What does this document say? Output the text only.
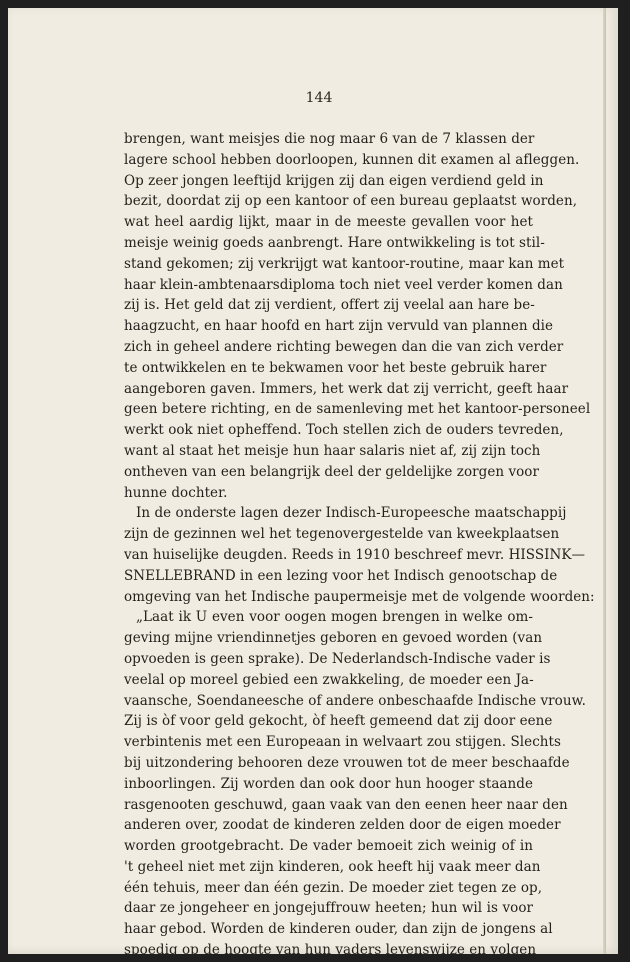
144

brengen, want meisjes die nog maar 6 van de 7 klassen der
lagere school hebben doorloopen, kunnen dit examen al afleggen.
Op zeer jongen leeftijd krijgen zij dan eigen verdiend geld in
bezit, doordat zij op een kantoor of een bureau geplaatst worden,
wat heel aardig lijkt, maar in de meeste gevallen voor het
meisje weinig goeds aanbrengt. Hare ontwikkeling is tot stil-
stand gekomen; zij verkrijgt wat kantoor-routine, maar kan met
haar klein-ambtenaarsdiploma toch niet veel verder komen dan
zij is. Het geld dat zij verdient, offert zij veelal aan hare be-
haagzucht, en haar hoofd en hart zijn vervuld van plannen die
zich in geheel andere richting bewegen dan die van zich verder
te ontwikkelen en te bekwamen voor het beste gebruik harer
aangeboren gaven. Immers, het werk dat zij verricht, geeft haar
geen betere richting, en de samenleving met het kantoor-personeel
werkt ook niet opheffend. Toch stellen zich de ouders tevreden,
want al staat het meisje hun haar salaris niet af, zij zijn toch
ontheven van een belangrijk deel der geldelijke zorgen voor
hunne dochter.
In de onderste lagen dezer Indisch-Europeesche maatschappij
zijn de gezinnen wel het tegenovergestelde van kweekplaatsen
van huiselijke deugden. Reeds in 1910 beschreef mevr. HISSINK—
SNELLEBRAND in een lezing voor het Indisch genootschap de
omgeving van het Indische paupermeisje met de volgende woorden:
„Laat ik U even voor oogen mogen brengen in welke om-
geving mijne vriendinnetjes geboren en gevoed worden (van
opvoeden is geen sprake). De Nederlandsch-Indische vader is
veelal op moreel gebied een zwakkeling, de moeder een Ja-
vaansche, Soendaneesche of andere onbeschaafde Indische vrouw.
Zij is òf voor geld gekocht, òf heeft gemeend dat zij door eene
verbintenis met een Europeaan in welvaart zou stijgen. Slechts
bij uitzondering behooren deze vrouwen tot de meer beschaafde
inboorlingen. Zij worden dan ook door hun hooger staande
rasgenooten geschuwd, gaan vaak van den eenen heer naar den
anderen over, zoodat de kinderen zelden door de eigen moeder
worden grootgebracht. De vader bemoeit zich weinig of in
't geheel niet met zijn kinderen, ook heeft hij vaak meer dan
één tehuis, meer dan één gezin. De moeder ziet tegen ze op,
daar ze jongeheer en jongejuffrouw heeten; hun wil is voor
haar gebod. Worden de kinderen ouder, dan zijn de jongens al
spoedig op de hoogte van hun vaders levenswijze en volgen
